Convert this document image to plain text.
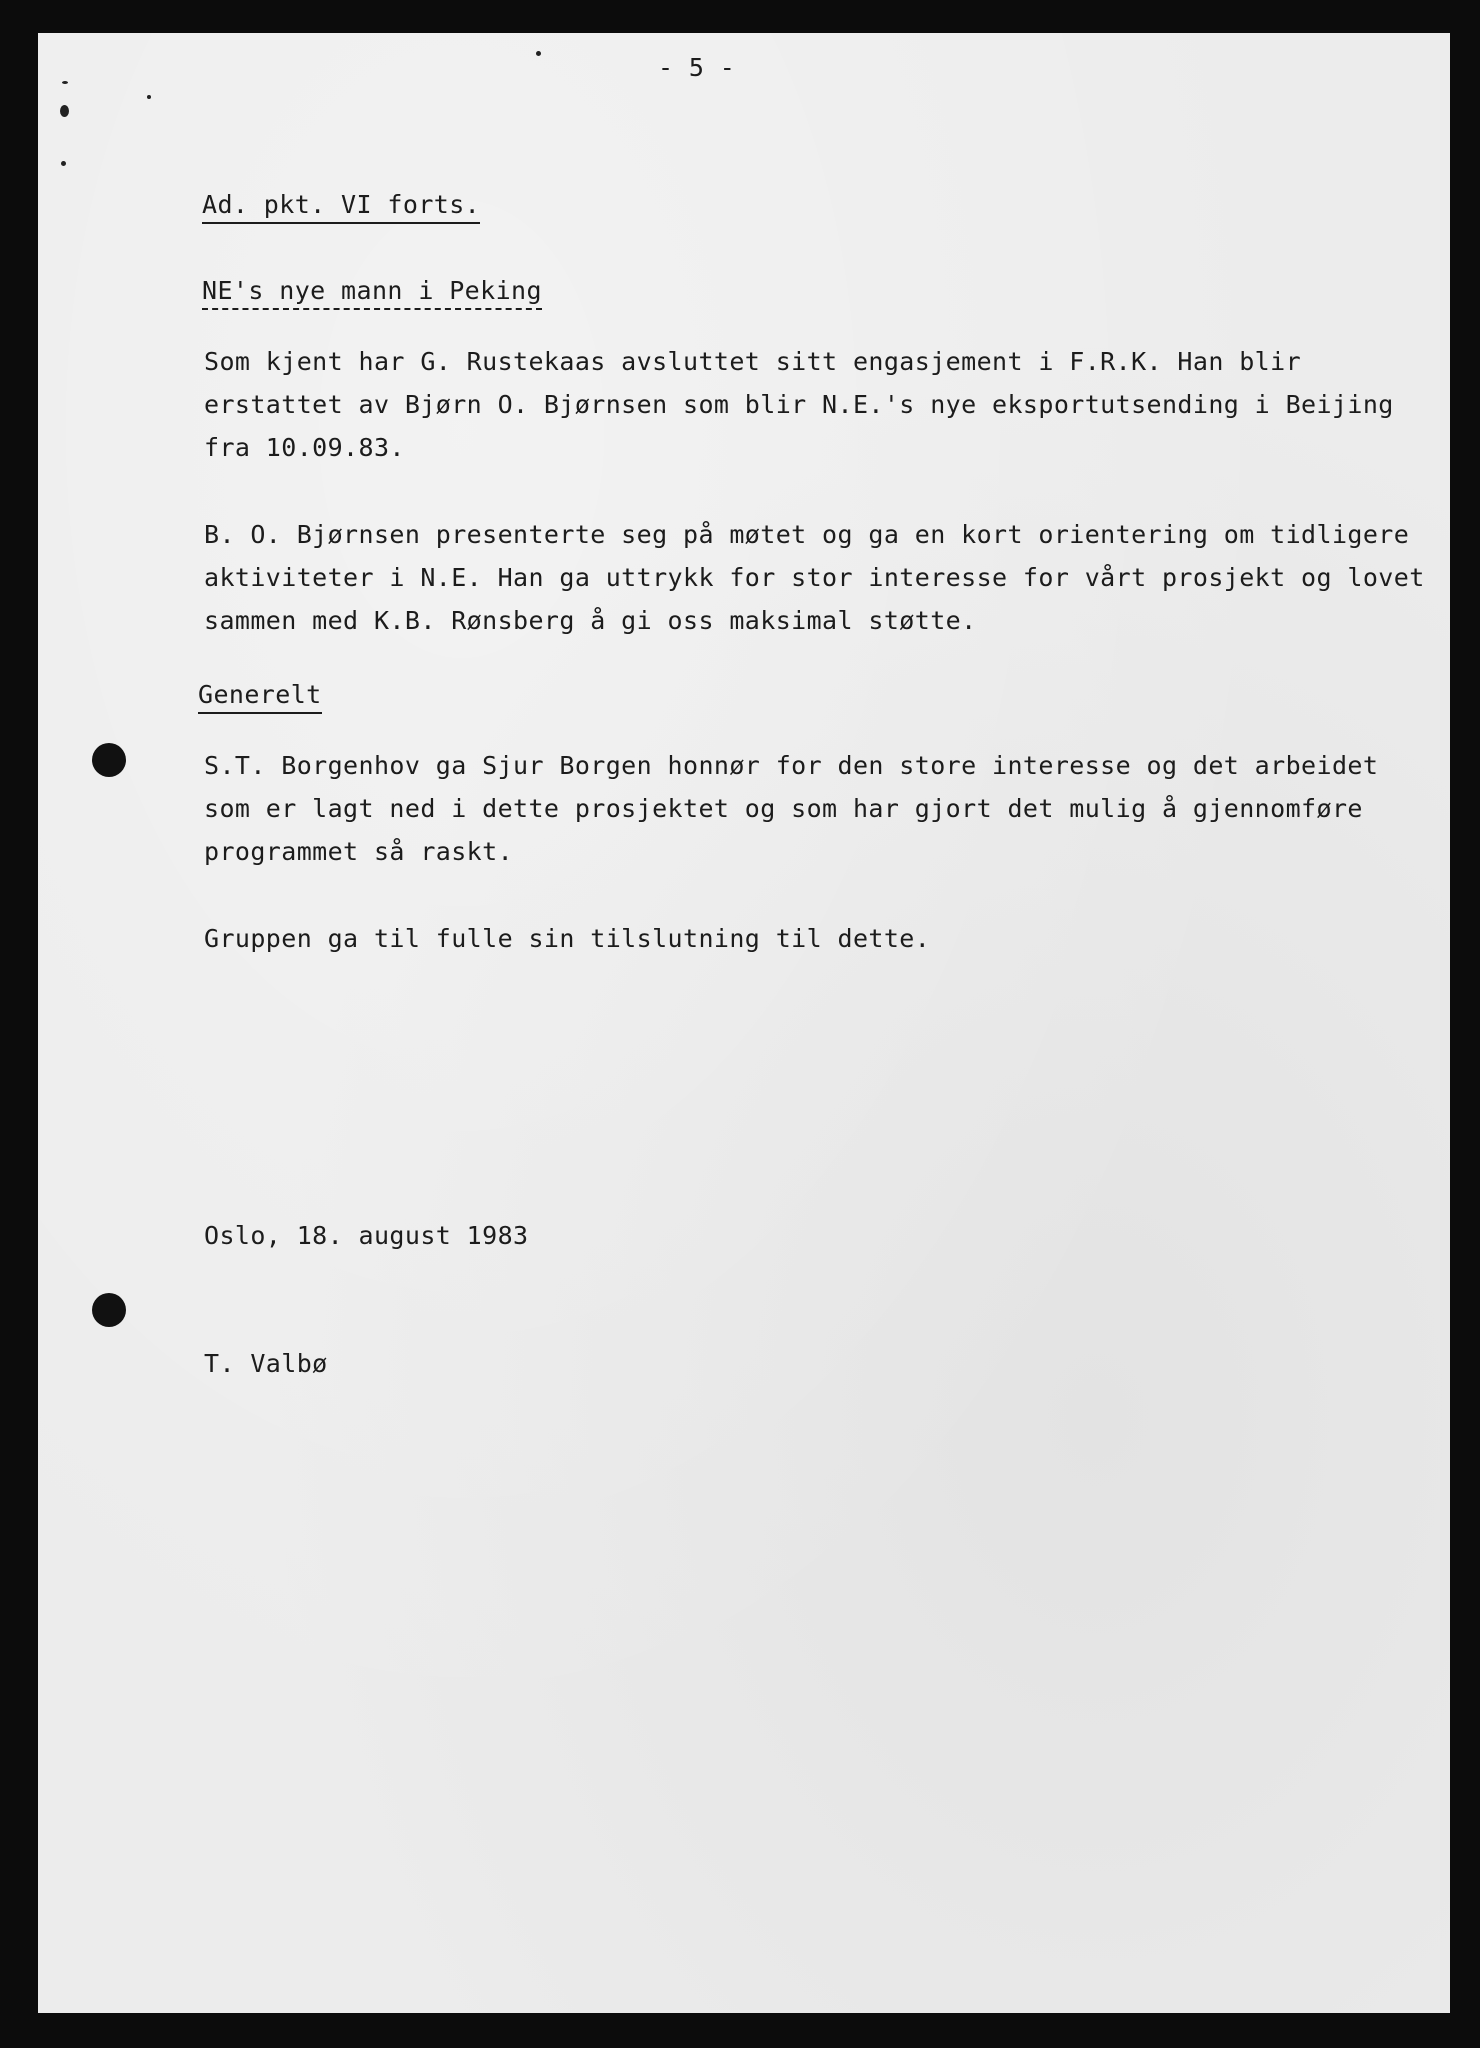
- 5 -
Ad. pkt. VI forts.
NE's nye mann i Peking
Som kjent har G. Rustekaas avsluttet sitt engasjement i F.R.K. Han blir
erstattet av Bjørn O. Bjørnsen som blir N.E.'s nye eksportutsending i Beijing
fra 10.09.83.
B. O. Bjørnsen presenterte seg på møtet og ga en kort orientering om tidligere
aktiviteter i N.E. Han ga uttrykk for stor interesse for vårt prosjekt og lovet
sammen med K.B. Rønsberg å gi oss maksimal støtte.
Generelt
S.T. Borgenhov ga Sjur Borgen honnør for den store interesse og det arbeidet
som er lagt ned i dette prosjektet og som har gjort det mulig å gjennomføre
programmet så raskt.
Gruppen ga til fulle sin tilslutning til dette.
Oslo, 18. august 1983
T. Valbø
